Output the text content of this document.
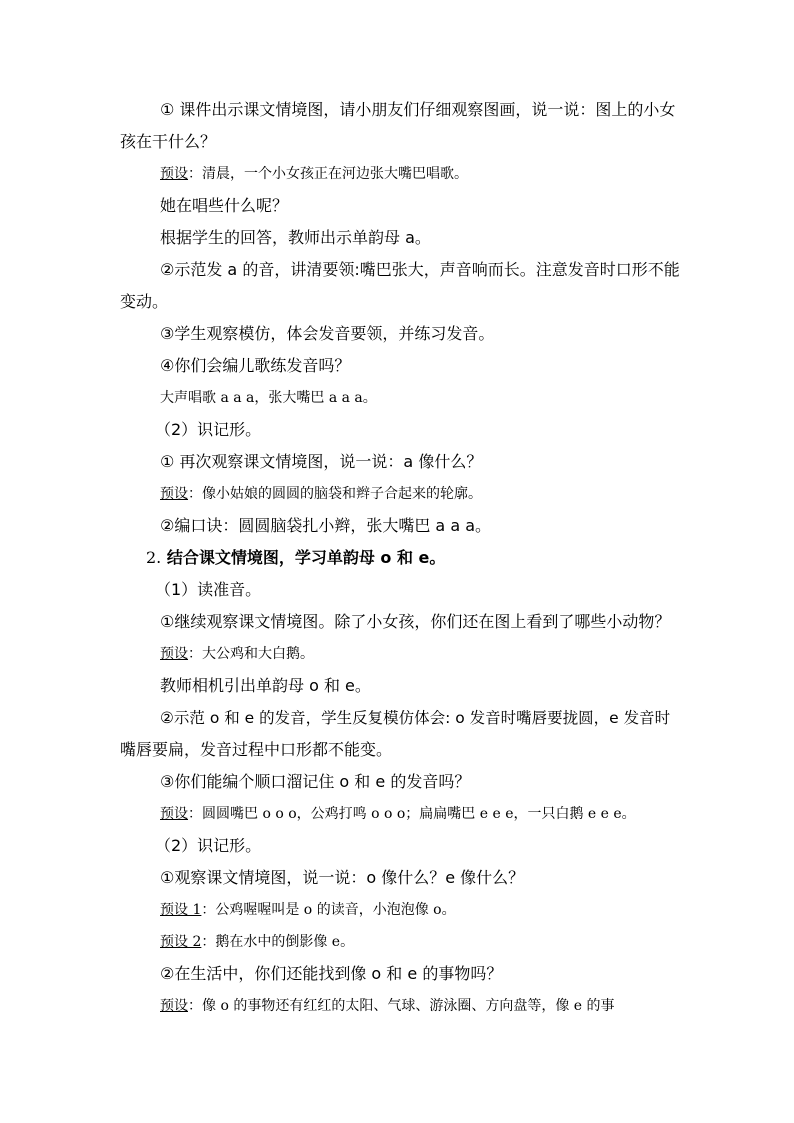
① 课件出示课文情境图，请小朋友们仔细观察图画，说一说：图上的小女
孩在干什么？
预设：清晨，一个小女孩正在河边张大嘴巴唱歌。
她在唱些什么呢？
根据学生的回答，教师出示单韵母 a。
②示范发 a 的音，讲清要领:嘴巴张大，声音响而长。注意发音时口形不能
变动。
③学生观察模仿，体会发音要领，并练习发音。
④你们会编儿歌练发音吗？
大声唱歌 a a a，张大嘴巴 a a a。
（2）识记形。
① 再次观察课文情境图，说一说：a 像什么？
预设：像小姑娘的圆圆的脑袋和辫子合起来的轮廓。
②编口诀：圆圆脑袋扎小辫，张大嘴巴 a a a。
2. 结合课文情境图，学习单韵母 o 和 e。
（1）读准音。
①继续观察课文情境图。除了小女孩，你们还在图上看到了哪些小动物？
预设：大公鸡和大白鹅。
教师相机引出单韵母 o 和 e。
②示范 o 和 e 的发音，学生反复模仿体会: o 发音时嘴唇要拢圆，e 发音时
嘴唇要扁，发音过程中口形都不能变。
③你们能编个顺口溜记住 o 和 e 的发音吗？
预设：圆圆嘴巴 o o o，公鸡打鸣 o o o；扁扁嘴巴 e e e，一只白鹅 e e e。
（2）识记形。
①观察课文情境图，说一说：o 像什么？e 像什么？
预设 1：公鸡喔喔叫是 o 的读音，小泡泡像 o。
预设 2：鹅在水中的倒影像 e。
②在生活中，你们还能找到像 o 和 e 的事物吗？
预设：像 o 的事物还有红红的太阳、气球、游泳圈、方向盘等，像 e 的事
